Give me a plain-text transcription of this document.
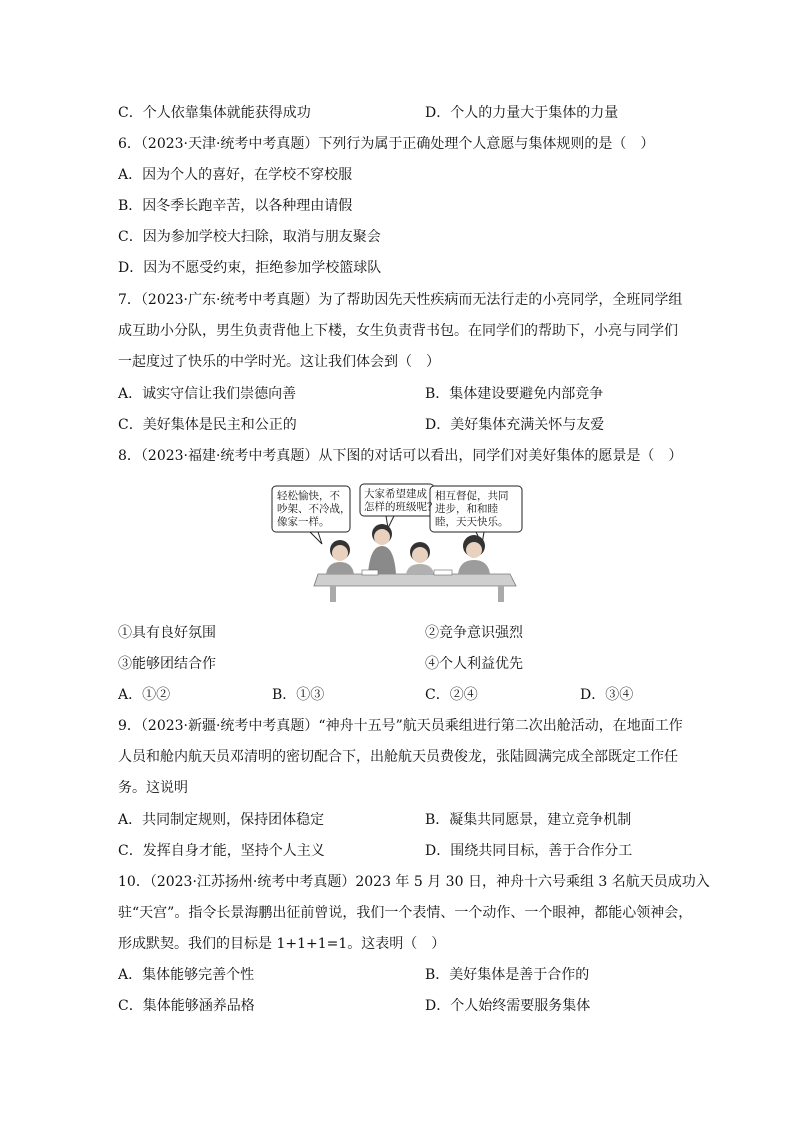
C．个人依靠集体就能获得成功	D．个人的力量大于集体的力量
6．（2023·天津·统考中考真题）下列行为属于正确处理个人意愿与集体规则的是（　）
A．因为个人的喜好，在学校不穿校服
B．因冬季长跑辛苦，以各种理由请假
C．因为参加学校大扫除，取消与朋友聚会
D．因为不愿受约束，拒绝参加学校篮球队
7．（2023·广东·统考中考真题）为了帮助因先天性疾病而无法行走的小亮同学，全班同学组
成互助小分队，男生负责背他上下楼，女生负责背书包。在同学们的帮助下，小亮与同学们
一起度过了快乐的中学时光。这让我们体会到（　）
A．诚实守信让我们崇德向善	B．集体建设要避免内部竞争
C．美好集体是民主和公正的	D．美好集体充满关怀与友爱
8．（2023·福建·统考中考真题）从下图的对话可以看出，同学们对美好集体的愿景是（　）
轻松愉快，不
吵架、不冷战，
像家一样。
大家希望建成
怎样的班级呢？
相互督促，共同
进步，和和睦
睦，天天快乐。
①具有良好氛围	②竞争意识强烈
③能够团结合作	④个人利益优先
A．①②	B．①③	C．②④	D．③④
9．（2023·新疆·统考中考真题）“神舟十五号”航天员乘组进行第二次出舱活动，在地面工作
人员和舱内航天员邓清明的密切配合下，出舱航天员费俊龙，张陆圆满完成全部既定工作任
务。这说明
A．共同制定规则，保持团体稳定	B．凝集共同愿景，建立竞争机制
C．发挥自身才能，坚持个人主义	D．围绕共同目标，善于合作分工
10．（2023·江苏扬州·统考中考真题）2023 年 5 月 30 日，神舟十六号乘组 3 名航天员成功入
驻“天宫”。指令长景海鹏出征前曾说，我们一个表情、一个动作、一个眼神，都能心领神会，
形成默契。我们的目标是 1+1+1=1。这表明（　）
A．集体能够完善个性	B．美好集体是善于合作的
C．集体能够涵养品格	D．个人始终需要服务集体
